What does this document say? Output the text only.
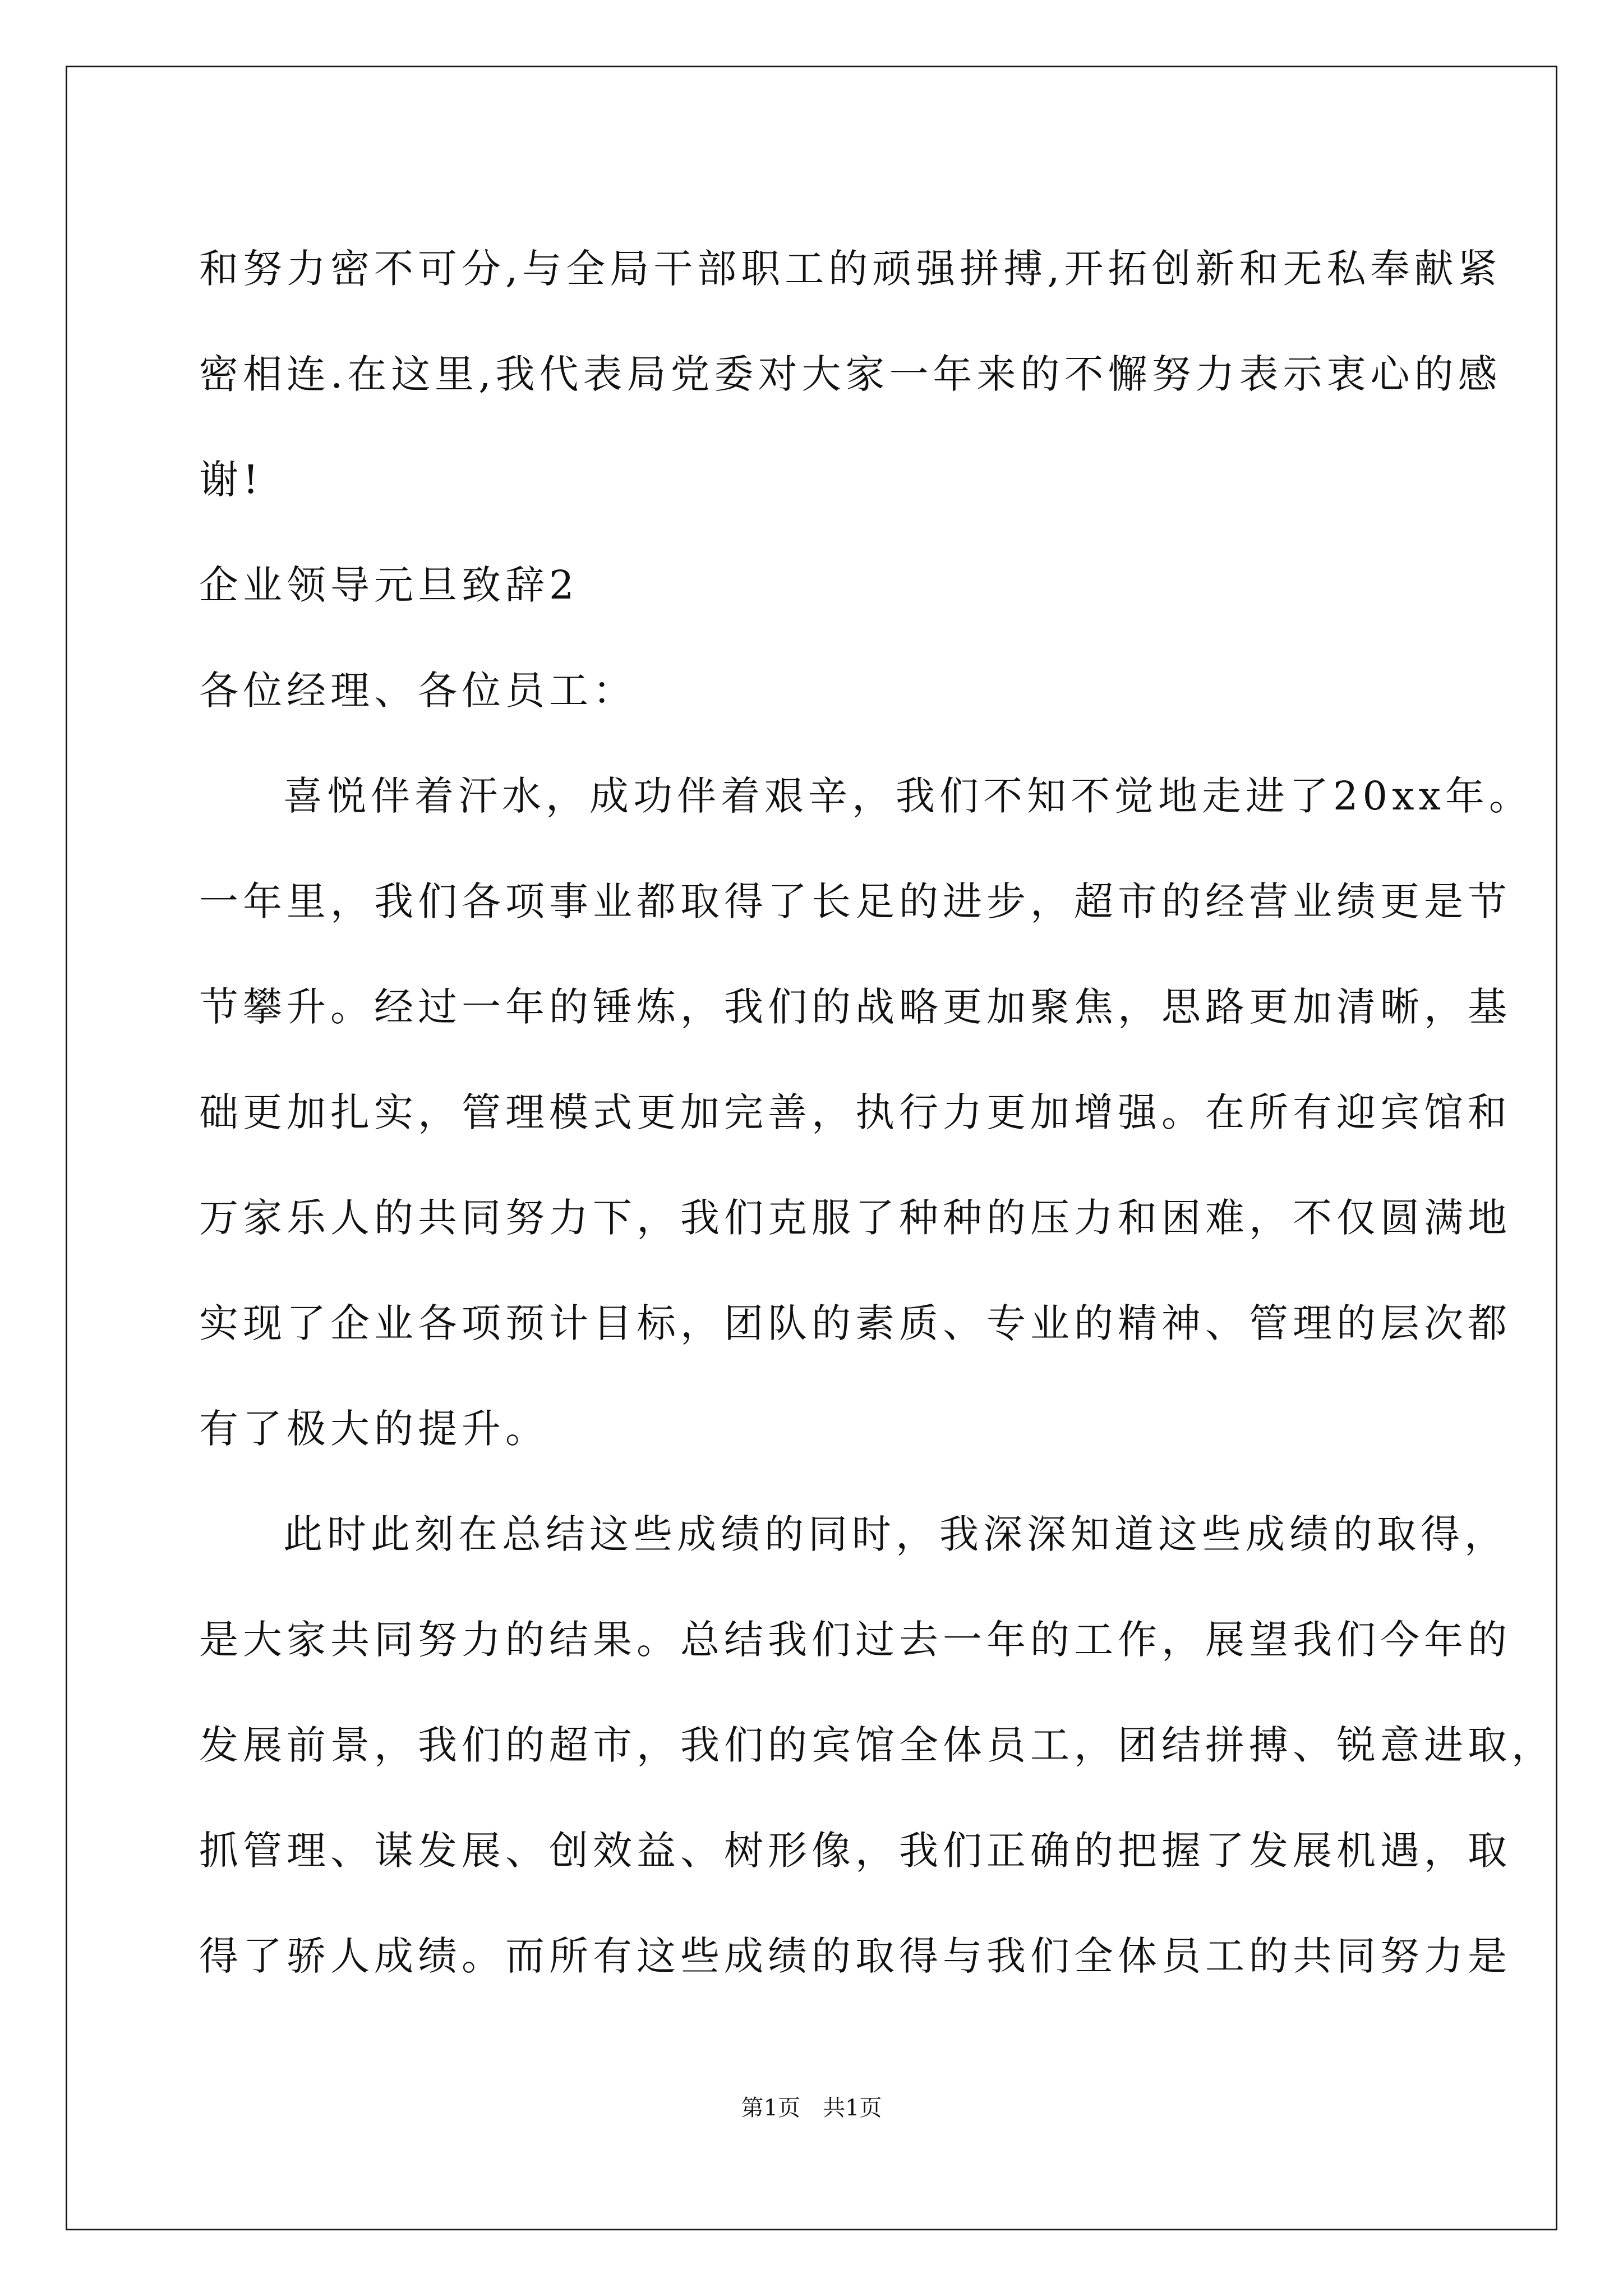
和努力密不可分,与全局干部职工的顽强拼搏,开拓创新和无私奉献紧
密相连.在这里,我代表局党委对大家一年来的不懈努力表示衷心的感
谢!
企业领导元旦致辞2
各位经理、各位员工：
喜悦伴着汗水，成功伴着艰辛，我们不知不觉地走进了20xx年。
一年里，我们各项事业都取得了长足的进步，超市的经营业绩更是节
节攀升。经过一年的锤炼，我们的战略更加聚焦，思路更加清晰，基
础更加扎实，管理模式更加完善，执行力更加增强。在所有迎宾馆和
万家乐人的共同努力下，我们克服了种种的压力和困难，不仅圆满地
实现了企业各项预计目标，团队的素质、专业的精神、管理的层次都
有了极大的提升。
此时此刻在总结这些成绩的同时，我深深知道这些成绩的取得，
是大家共同努力的结果。总结我们过去一年的工作，展望我们今年的
发展前景，我们的超市，我们的宾馆全体员工，团结拼搏、锐意进取，
抓管理、谋发展、创效益、树形像，我们正确的把握了发展机遇，取
得了骄人成绩。而所有这些成绩的取得与我们全体员工的共同努力是
第1页 共1页
